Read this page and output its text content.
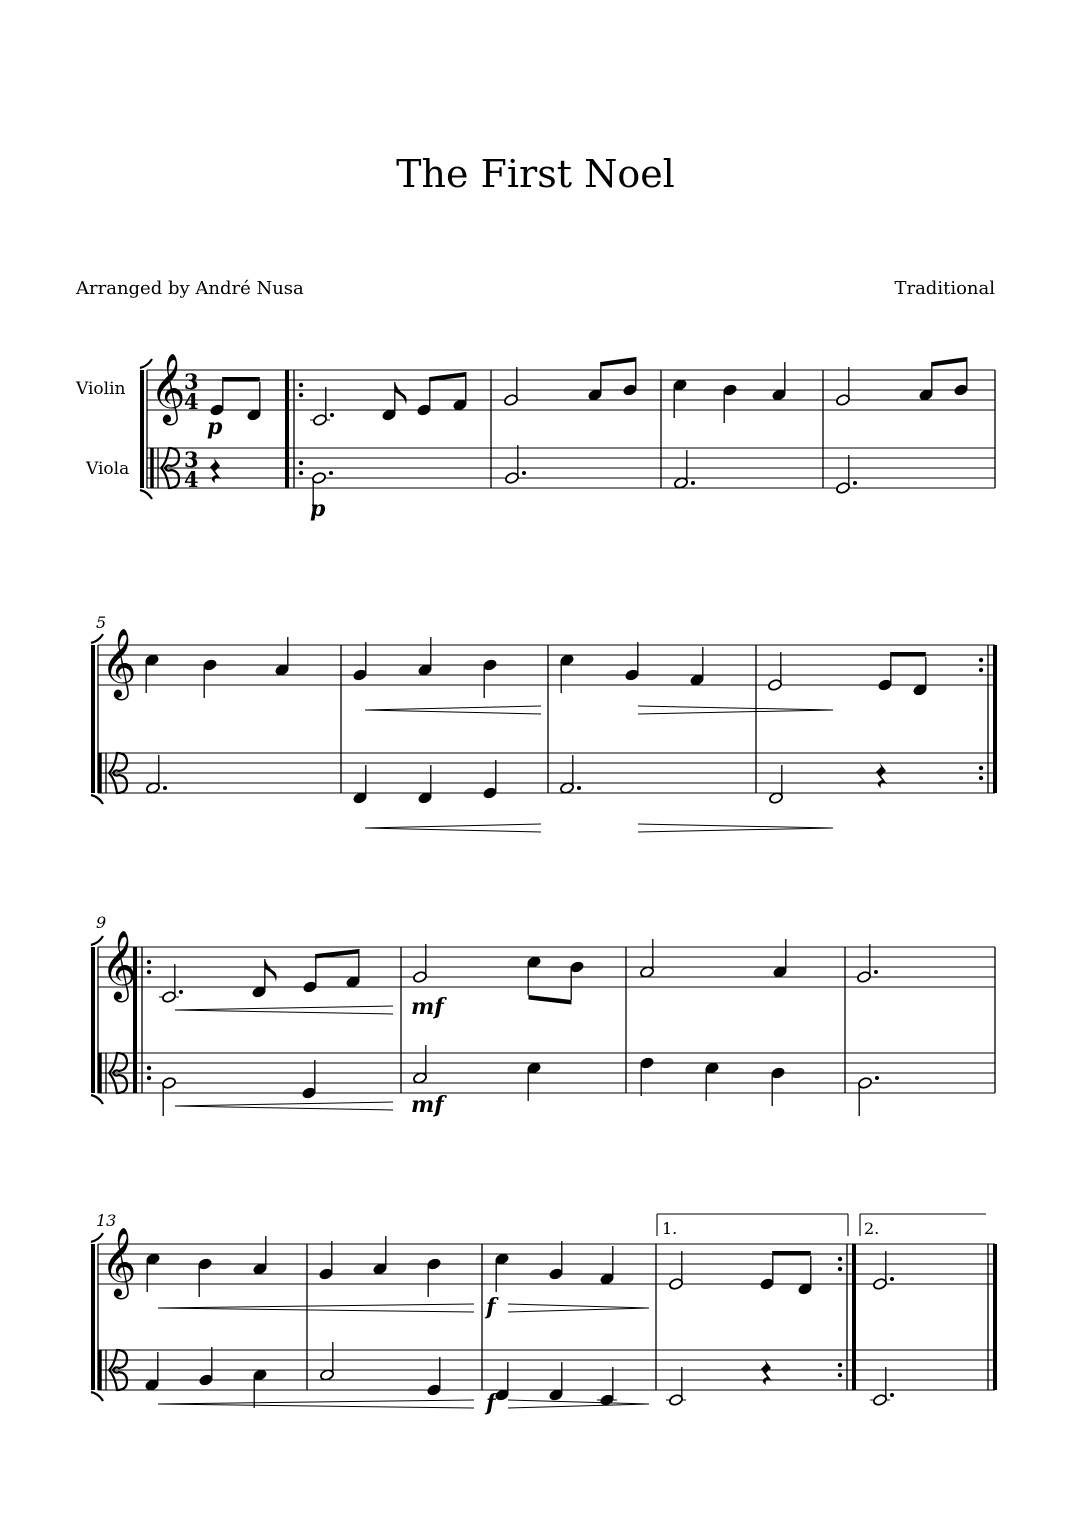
The First Noel
Arranged by André Nusa	Traditional
Violin
Viola
𝄞
3
4
3
4
p
p
5
𝄞
9
𝄞
mf
mf
13
𝄞
f
f
1.	2.
